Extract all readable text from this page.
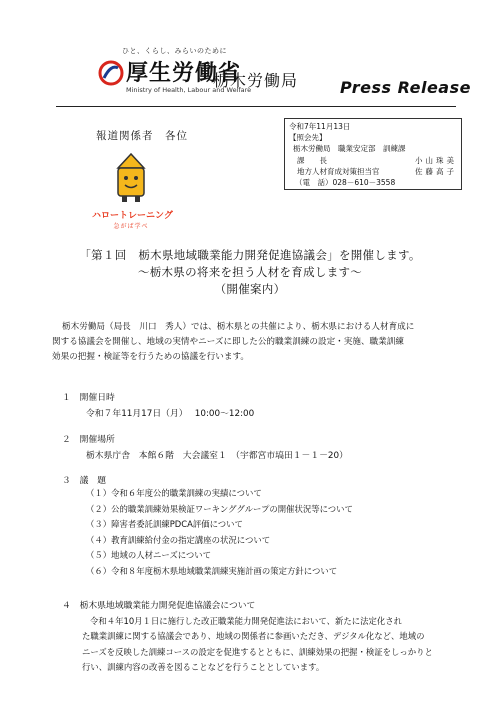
ひと、くらし、みらいのために
厚生労働省
Ministry of Health, Labour and Welfare
栃木労働局	Press Release
報道関係者　各位
令和7年11月13日
【照会先】
栃木労働局　職業安定部　訓練課
課　　長	小山珠美
地方人材育成対策担当官	佐藤高子
（電　話）028－610－3558
ハロートレーニング
急がば学べ
「第１回　栃木県地域職業能力開発促進協議会」を開催します。
～栃木県の将来を担う人材を育成します～
（開催案内）

栃木労働局（局長　川口　秀人）では、栃木県との共催により、栃木県における人材育成に

関する協議会を開催し、地域の実情やニーズに即した公的職業訓練の設定・実施、職業訓練

効果の把握・検証等を行うための協議を行います。

１　開催日時
令和７年11月17日（月）　 10:00～12:00
２　開催場所
栃木県庁舎　本館６階　大会議室１　（宇都宮市塙田１－１－20）
３　議　題
（１）令和６年度公的職業訓練の実績について
（２）公的職業訓練効果検証ワーキンググループの開催状況等について
（３）障害者委託訓練PDCA評価について
（４）教育訓練給付金の指定講座の状況について
（５）地域の人材ニーズについて
（６）令和８年度栃木県地域職業訓練実施計画の策定方針について
４　栃木県地域職業能力開発促進協議会について

令和４年10月１日に施行した改正職業能力開発促進法において、新たに法定化され

た職業訓練に関する協議会であり、地域の関係者に参画いただき、デジタル化など、地域の

ニーズを反映した訓練コースの設定を促進するとともに、訓練効果の把握・検証をしっかりと

行い、訓練内容の改善を図ることなどを行うこととしています。
